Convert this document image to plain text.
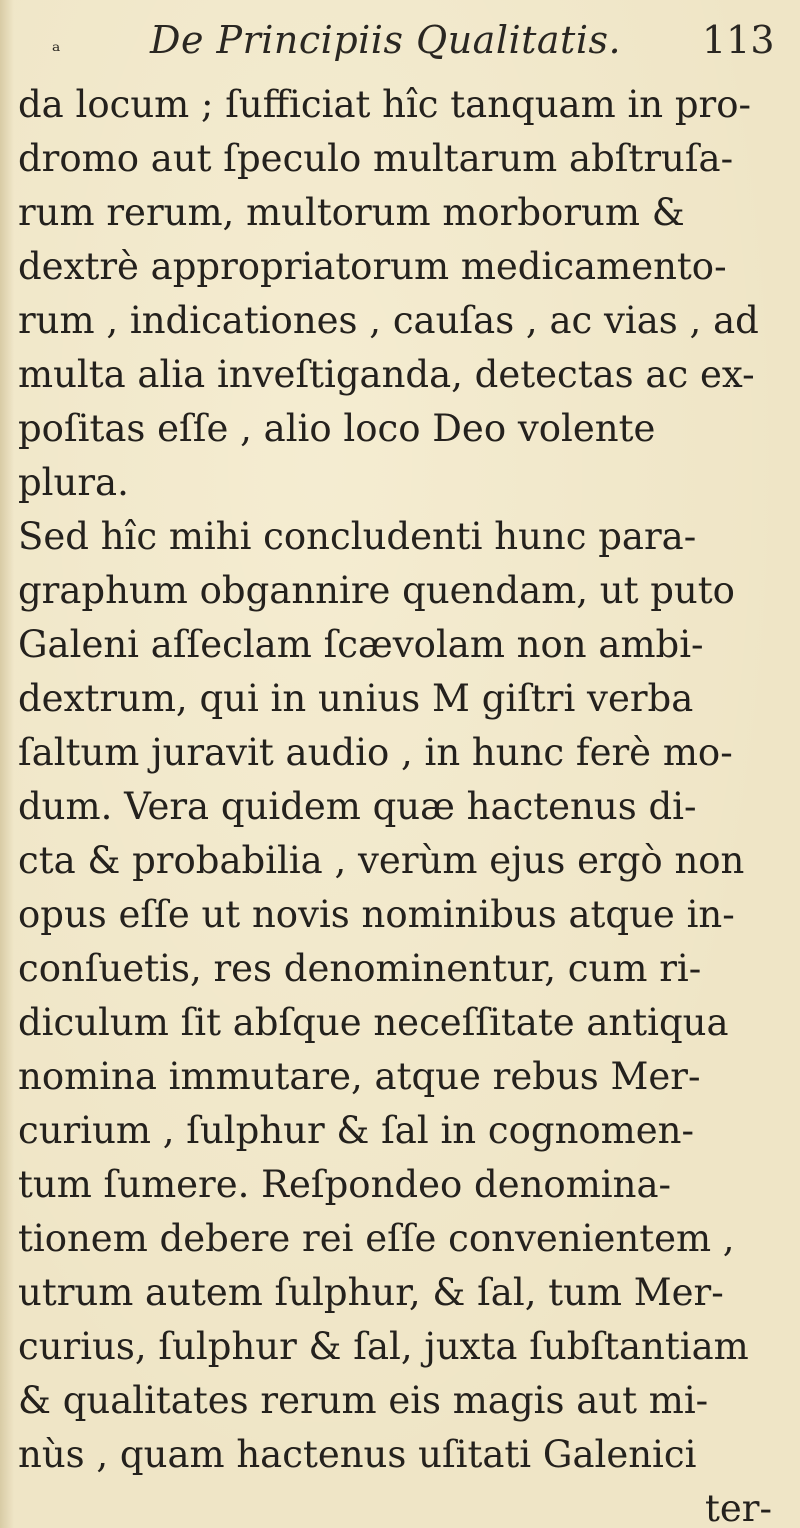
ₐ De Principiis Qualitatis. 113
da locum ; ſufficiat hîc tanquam in pro-
dromo aut ſpeculo multarum abſtruſa-
rum rerum, multorum morborum &
dextrè appropriatorum medicamento-
rum , indicationes , cauſas , ac vias , ad
multa alia inveſtiganda, detectas ac ex-
poſitas eſſe , alio loco Deo volente
plura.
Sed hîc mihi concludenti hunc para-
graphum obgannire quendam, ut puto
Galeni aſſeclam ſcævolam non ambi-
dextrum, qui in unius M giſtri verba
ſaltum juravit audio , in hunc ferè mo-
dum. Vera quidem quæ hactenus di-
cta & probabilia , verùm ejus ergò non
opus eſſe ut novis nominibus atque in-
conſuetis, res denominentur, cum ri-
diculum ſit abſque neceſſitate antiqua
nomina immutare, atque rebus Mer-
curium , ſulphur & ſal in cognomen-
tum ſumere. Reſpondeo denomina-
tionem debere rei eſſe convenientem ,
utrum autem ſulphur, & ſal, tum Mer-
curius, ſulphur & ſal, juxta ſubſtantiam
& qualitates rerum eis magis aut mi-
nùs , quam hactenus uſitati Galenici
ter-
